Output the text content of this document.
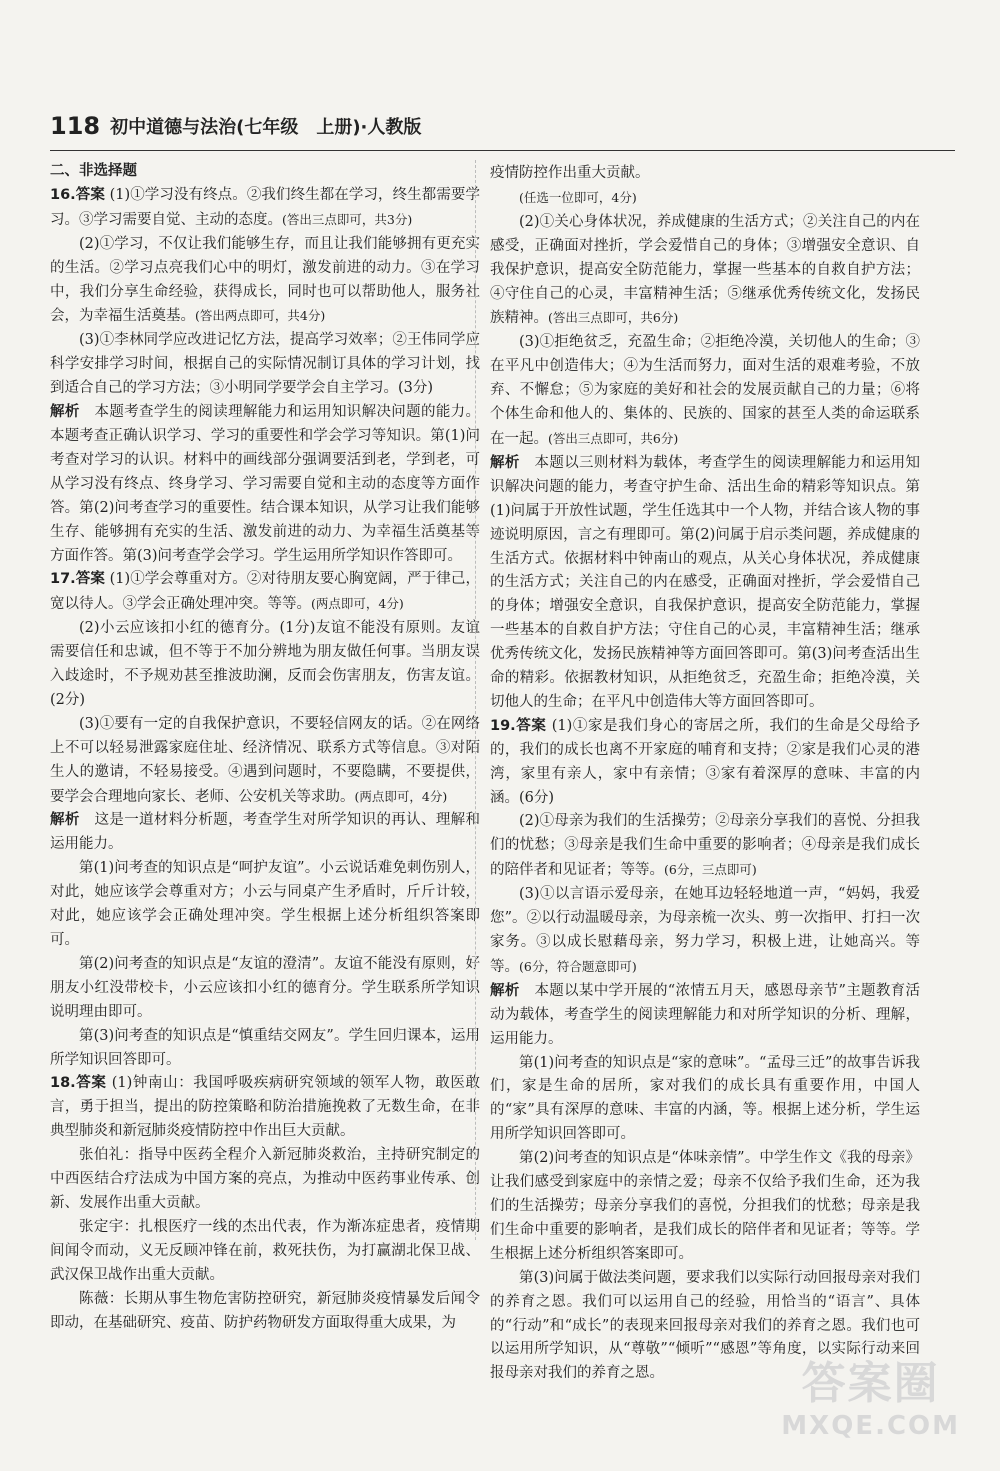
118 初中道德与法治(七年级　上册)·人教版
二、非选择题

16.答案 (1)①学习没有终点。②我们终生都在学习，终生都需要学习。③学习需要自觉、主动的态度。(答出三点即可，共3分)

(2)①学习，不仅让我们能够生存，而且让我们能够拥有更充实的生活。②学习点亮我们心中的明灯，激发前进的动力。③在学习中，我们分享生命经验，获得成长，同时也可以帮助他人，服务社会，为幸福生活奠基。(答出两点即可，共4分)

(3)①李林同学应改进记忆方法，提高学习效率；②王伟同学应科学安排学习时间，根据自己的实际情况制订具体的学习计划，找到适合自己的学习方法；③小明同学要学会自主学习。(3分)

解析　本题考查学生的阅读理解能力和运用知识解决问题的能力。本题考查正确认识学习、学习的重要性和学会学习等知识。第(1)问考查对学习的认识。材料中的画线部分强调要活到老，学到老，可从学习没有终点、终身学习、学习需要自觉和主动的态度等方面作答。第(2)问考查学习的重要性。结合课本知识，从学习让我们能够生存、能够拥有充实的生活、激发前进的动力、为幸福生活奠基等方面作答。第(3)问考查学会学习。学生运用所学知识作答即可。

17.答案 (1)①学会尊重对方。②对待朋友要心胸宽阔，严于律己，宽以待人。③学会正确处理冲突。等等。(两点即可，4分)

(2)小云应该扣小红的德育分。(1分)友谊不能没有原则。友谊需要信任和忠诚，但不等于不加分辨地为朋友做任何事。当朋友误入歧途时，不予规劝甚至推波助澜，反而会伤害朋友，伤害友谊。(2分)

(3)①要有一定的自我保护意识，不要轻信网友的话。②在网络上不可以轻易泄露家庭住址、经济情况、联系方式等信息。③对陌生人的邀请，不轻易接受。④遇到问题时，不要隐瞒，不要提供，要学会合理地向家长、老师、公安机关等求助。(两点即可，4分)

解析　这是一道材料分析题，考查学生对所学知识的再认、理解和运用能力。

第(1)问考查的知识点是“呵护友谊”。小云说话难免刺伤别人，对此，她应该学会尊重对方；小云与同桌产生矛盾时，斤斤计较，对此，她应该学会正确处理冲突。学生根据上述分析组织答案即可。

第(2)问考查的知识点是“友谊的澄清”。友谊不能没有原则，好朋友小红没带校卡，小云应该扣小红的德育分。学生联系所学知识说明理由即可。

第(3)问考查的知识点是“慎重结交网友”。学生回归课本，运用所学知识回答即可。

18.答案 (1)钟南山：我国呼吸疾病研究领域的领军人物，敢医敢言，勇于担当，提出的防控策略和防治措施挽救了无数生命，在非典型肺炎和新冠肺炎疫情防控中作出巨大贡献。

张伯礼：指导中医药全程介入新冠肺炎救治，主持研究制定的中西医结合疗法成为中国方案的亮点，为推动中医药事业传承、创新、发展作出重大贡献。

张定宇：扎根医疗一线的杰出代表，作为渐冻症患者，疫情期间闻令而动，义无反顾冲锋在前，救死扶伤，为打赢湖北保卫战、武汉保卫战作出重大贡献。

陈薇：长期从事生物危害防控研究，新冠肺炎疫情暴发后闻令即动，在基础研究、疫苗、防护药物研发方面取得重大成果，为

疫情防控作出重大贡献。

(任选一位即可，4分)

(2)①关心身体状况，养成健康的生活方式；②关注自己的内在感受，正确面对挫折，学会爱惜自己的身体；③增强安全意识、自我保护意识，提高安全防范能力，掌握一些基本的自救自护方法；④守住自己的心灵，丰富精神生活；⑤继承优秀传统文化，发扬民族精神。(答出三点即可，共6分)

(3)①拒绝贫乏，充盈生命；②拒绝冷漠，关切他人的生命；③在平凡中创造伟大；④为生活而努力，面对生活的艰难考验，不放弃、不懈怠；⑤为家庭的美好和社会的发展贡献自己的力量；⑥将个体生命和他人的、集体的、民族的、国家的甚至人类的命运联系在一起。(答出三点即可，共6分)

解析　本题以三则材料为载体，考查学生的阅读理解能力和运用知识解决问题的能力，考查守护生命、活出生命的精彩等知识点。第(1)问属于开放性试题，学生任选其中一个人物，并结合该人物的事迹说明原因，言之有理即可。第(2)问属于启示类问题，养成健康的生活方式。依据材料中钟南山的观点，从关心身体状况，养成健康的生活方式；关注自己的内在感受，正确面对挫折，学会爱惜自己的身体；增强安全意识，自我保护意识，提高安全防范能力，掌握一些基本的自救自护方法；守住自己的心灵，丰富精神生活；继承优秀传统文化，发扬民族精神等方面回答即可。第(3)问考查活出生命的精彩。依据教材知识，从拒绝贫乏，充盈生命；拒绝冷漠，关切他人的生命；在平凡中创造伟大等方面回答即可。

19.答案 (1)①家是我们身心的寄居之所，我们的生命是父母给予的，我们的成长也离不开家庭的哺育和支持；②家是我们心灵的港湾，家里有亲人，家中有亲情；③家有着深厚的意味、丰富的内涵。(6分)

(2)①母亲为我们的生活操劳；②母亲分享我们的喜悦、分担我们的忧愁；③母亲是我们生命中重要的影响者；④母亲是我们成长的陪伴者和见证者；等等。(6分，三点即可)

(3)①以言语示爱母亲，在她耳边轻轻地道一声，“妈妈，我爱您”。②以行动温暖母亲，为母亲梳一次头、剪一次指甲、打扫一次家务。③以成长慰藉母亲，努力学习，积极上进，让她高兴。等等。(6分，符合题意即可)

解析　本题以某中学开展的“浓情五月天，感恩母亲节”主题教育活动为载体，考查学生的阅读理解能力和对所学知识的分析、理解，运用能力。

第(1)问考查的知识点是“家的意味”。“孟母三迁”的故事告诉我们，家是生命的居所，家对我们的成长具有重要作用，中国人的“家”具有深厚的意味、丰富的内涵，等。根据上述分析，学生运用所学知识回答即可。

第(2)问考查的知识点是“体味亲情”。中学生作文《我的母亲》让我们感受到家庭中的亲情之爱；母亲不仅给予我们生命，还为我们的生活操劳；母亲分享我们的喜悦，分担我们的忧愁；母亲是我们生命中重要的影响者，是我们成长的陪伴者和见证者；等等。学生根据上述分析组织答案即可。

第(3)问属于做法类问题，要求我们以实际行动回报母亲对我们的养育之恩。我们可以运用自己的经验，用恰当的“语言”、具体的“行动”和“成长”的表现来回报母亲对我们的养育之恩。我们也可以运用所学知识，从“尊敬”“倾听”“感恩”等角度，以实际行动来回报母亲对我们的养育之恩。	答案圈
MXQE.COM
